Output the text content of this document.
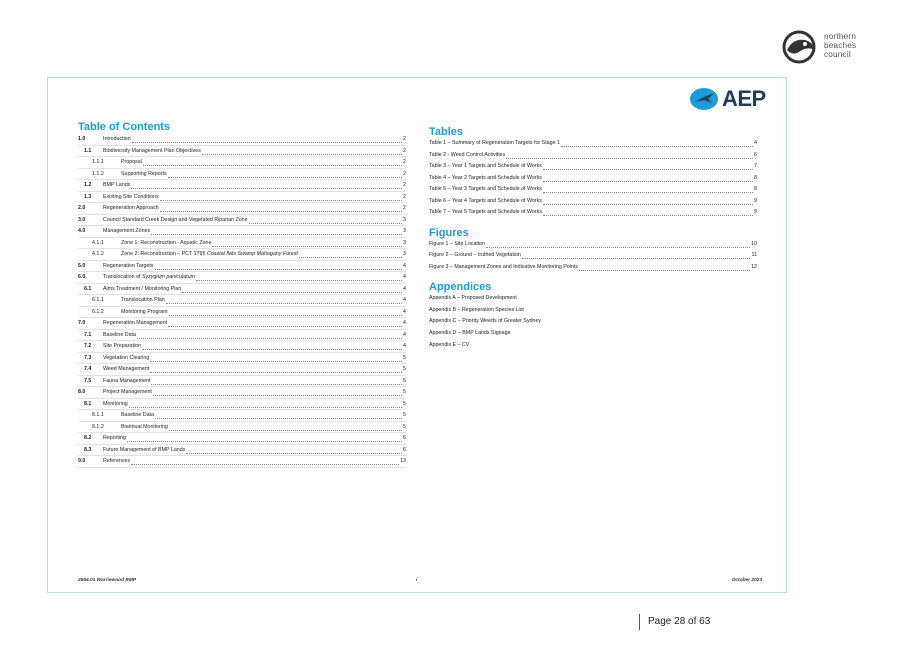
northern
beaches
council
AEP
Table of Contents
1.0	Introduction	2
1.1 Biodiversity Management Plan Objectives	2
1.1.1	Proposal	2
1.1.2	Supporting Reports	2
1.2 BMP Lands	2
1.3 Existing Site Conditions	2
2.0	Regeneration Approach	2
3.0	Council Standard Creek Design and Vegetated Riparian Zone	3
4.0	Management Zones	3
4.1.1	Zone 1: Reconstruction - Aquatic Zone	3
4.1.2	Zone 2: Reconstruction – PCT 1795 Coastal flats Swamp Mahogany Forest	3
5.0	Regeneration Targets	4
6.0	Translocation of Syzygium paniculatum	4
6.1 Aims Treatment / Monitoring Plan	4
6.1.1	Translocation Plan	4
6.1.2	Monitoring Program	4
7.0	Regeneration Management	4
7.1 Baseline Data	4
7.2 Site Preparation	4
7.3 Vegetation Clearing	5
7.4 Weed Management	5
7.5 Fauna Management	5
8.0	Project Management	5
8.1 Monitoring	5
8.1.1	Baseline Data	5
8.1.2	Biannual Monitoring	5
8.2 Reporting	6
8.3 Future Management of BMP Lands	6
9.0	References	13
Tables
Table 1 – Summary of Regeneration Targets for Stage 1	4
Table 2 - Weed Control Activities	6
Table 3 – Year 1 Targets and Schedule of Works	7
Table 4 – Year 2 Targets and Schedule of Works	8
Table 5 – Year 3 Targets and Schedule of Works	8
Table 6 – Year 4 Targets and Schedule of Works	9
Table 7 – Year 5 Targets and Schedule of Works	9
Figures
Figure 1 – Site Location	10
Figure 2 – Ground – truthed Vegetation	11
Figure 3 – Management Zones and Indicative Monitoring Points	12
Appendices
Appendix A – Proposed Development
Appendix B – Regeneration Species List
Appendix C – Priority Weeds of Greater Sydney
Appendix D – BMP Lands Signage
Appendix E – CV
2564.01 Warriewood BMP	i	October 2023
Page 28 of 63
